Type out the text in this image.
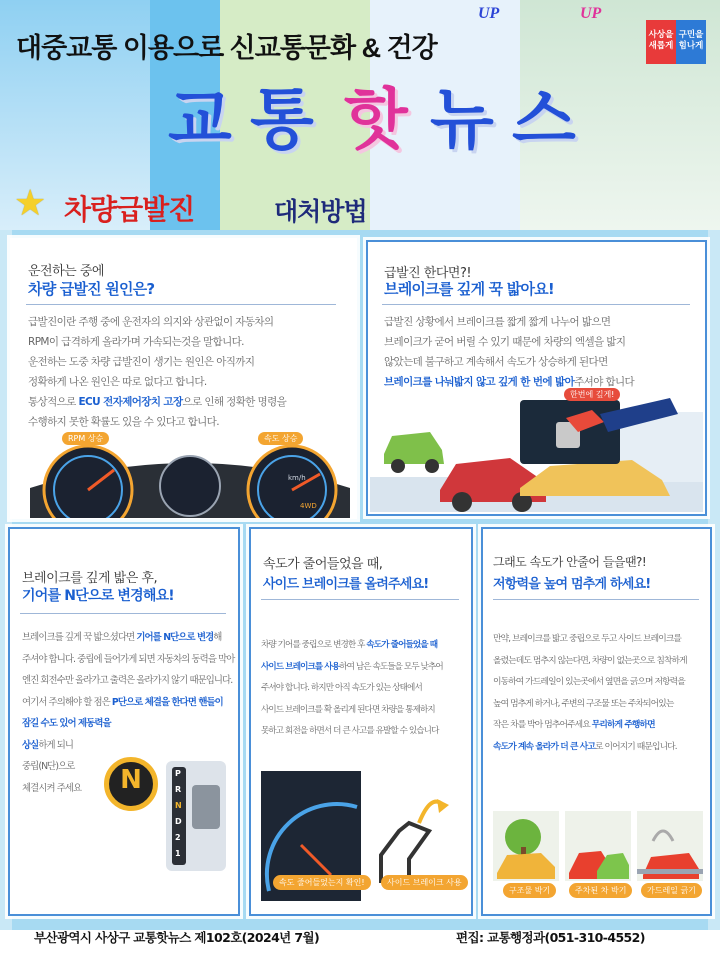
대중교통 이용으로 신교통문화 & 건강
UP	UP
사상을
새롭게
구민을
힘나게
교 통 핫 뉴 스
★ 차량급발진	대처방법
운전하는 중에
차량 급발진 원인은?
급발진이란 주행 중에 운전자의 의지와 상관없이 자동차의
RPM이 급격하게 올라가며 가속되는것을 말합니다.
운전하는 도중 차량 급발진이 생기는 원인은 아직까지
정확하게 나온 원인은 따로 없다고 합니다.
통상적으로 ECU 전자제어장치 고장으로 인해 정확한 명령을
수행하지 못한 확률도 있을 수 있다고 합니다.
RPM 상승	속도 상승
km/h
4WD
급발진 한다면?!
브레이크를 깊게 꾹 밟아요!
급발진 상황에서 브레이크를 짧게 짧게 나누어 밟으면
브레이크가 굳어 버릴 수 있기 때문에 차량의 엑셀을 밟지
않았는데 불구하고 계속해서 속도가 상승하게 된다면
브레이크를 나눠밟지 않고 깊게 한 번에 밟아주셔야 합니다
한번에 깊게!
브레이크를 깊게 밟은 후,
기어를 N단으로 변경해요!
브레이크를 깊게 꾹 밟으셨다면 기어를 N단으로 변경해
주셔야 합니다. 중립에 들어가게 되면 자동차의 동력을 막아
엔진 회전수만 올라가고 출력은 올라가지 않기 때문입니다.
여기서 주의해야 할 점은 P단으로 체결을 한다면 핸들이
잠길 수도 있어 제동력을
상실하게 되니
중립(N단)으로
체결시켜 주세요	N	P
R
N
D
2
1
속도가 줄어들었을 때,
사이드 브레이크를 올려주세요!
차량 기어를 중립으로 변경한 후 속도가 줄어들었을 때
사이드 브레이크를 사용하여 남은 속도들을 모두 낮추어
주셔야 합니다. 하지만 아직 속도가 있는 상태에서
사이드 브레이크를 확 올리게 된다면 차량을 통제하지
못하고 회전을 하면서 더 큰 사고를 유발할 수 있습니다
속도 줄어들었는지 확인!	사이드 브레이크 사용
그래도 속도가 안줄어 들을땐?!
저항력을 높여 멈추게 하세요!
만약, 브레이크를 밟고 중립으로 두고 사이드 브레이크를
올렸는데도 멈추지 않는다면, 차량이 없는곳으로 침착하게
이동하여 가드레일이 있는곳에서 옆면을 긁으며 저항력을
높여 멈추게 하거나, 주변의 구조물 또는 주차되어있는
작은 차를 박아 멈추어주세요 무리하게 주행하면
속도가 계속 올라가 더 큰 사고로 이어지기 때문입니다.
구조물 박기	주차된 차 박기	가드레일 긁기
부산광역시 사상구 교통핫뉴스 제102호(2024년 7월)	편집: 교통행정과(051-310-4552)
